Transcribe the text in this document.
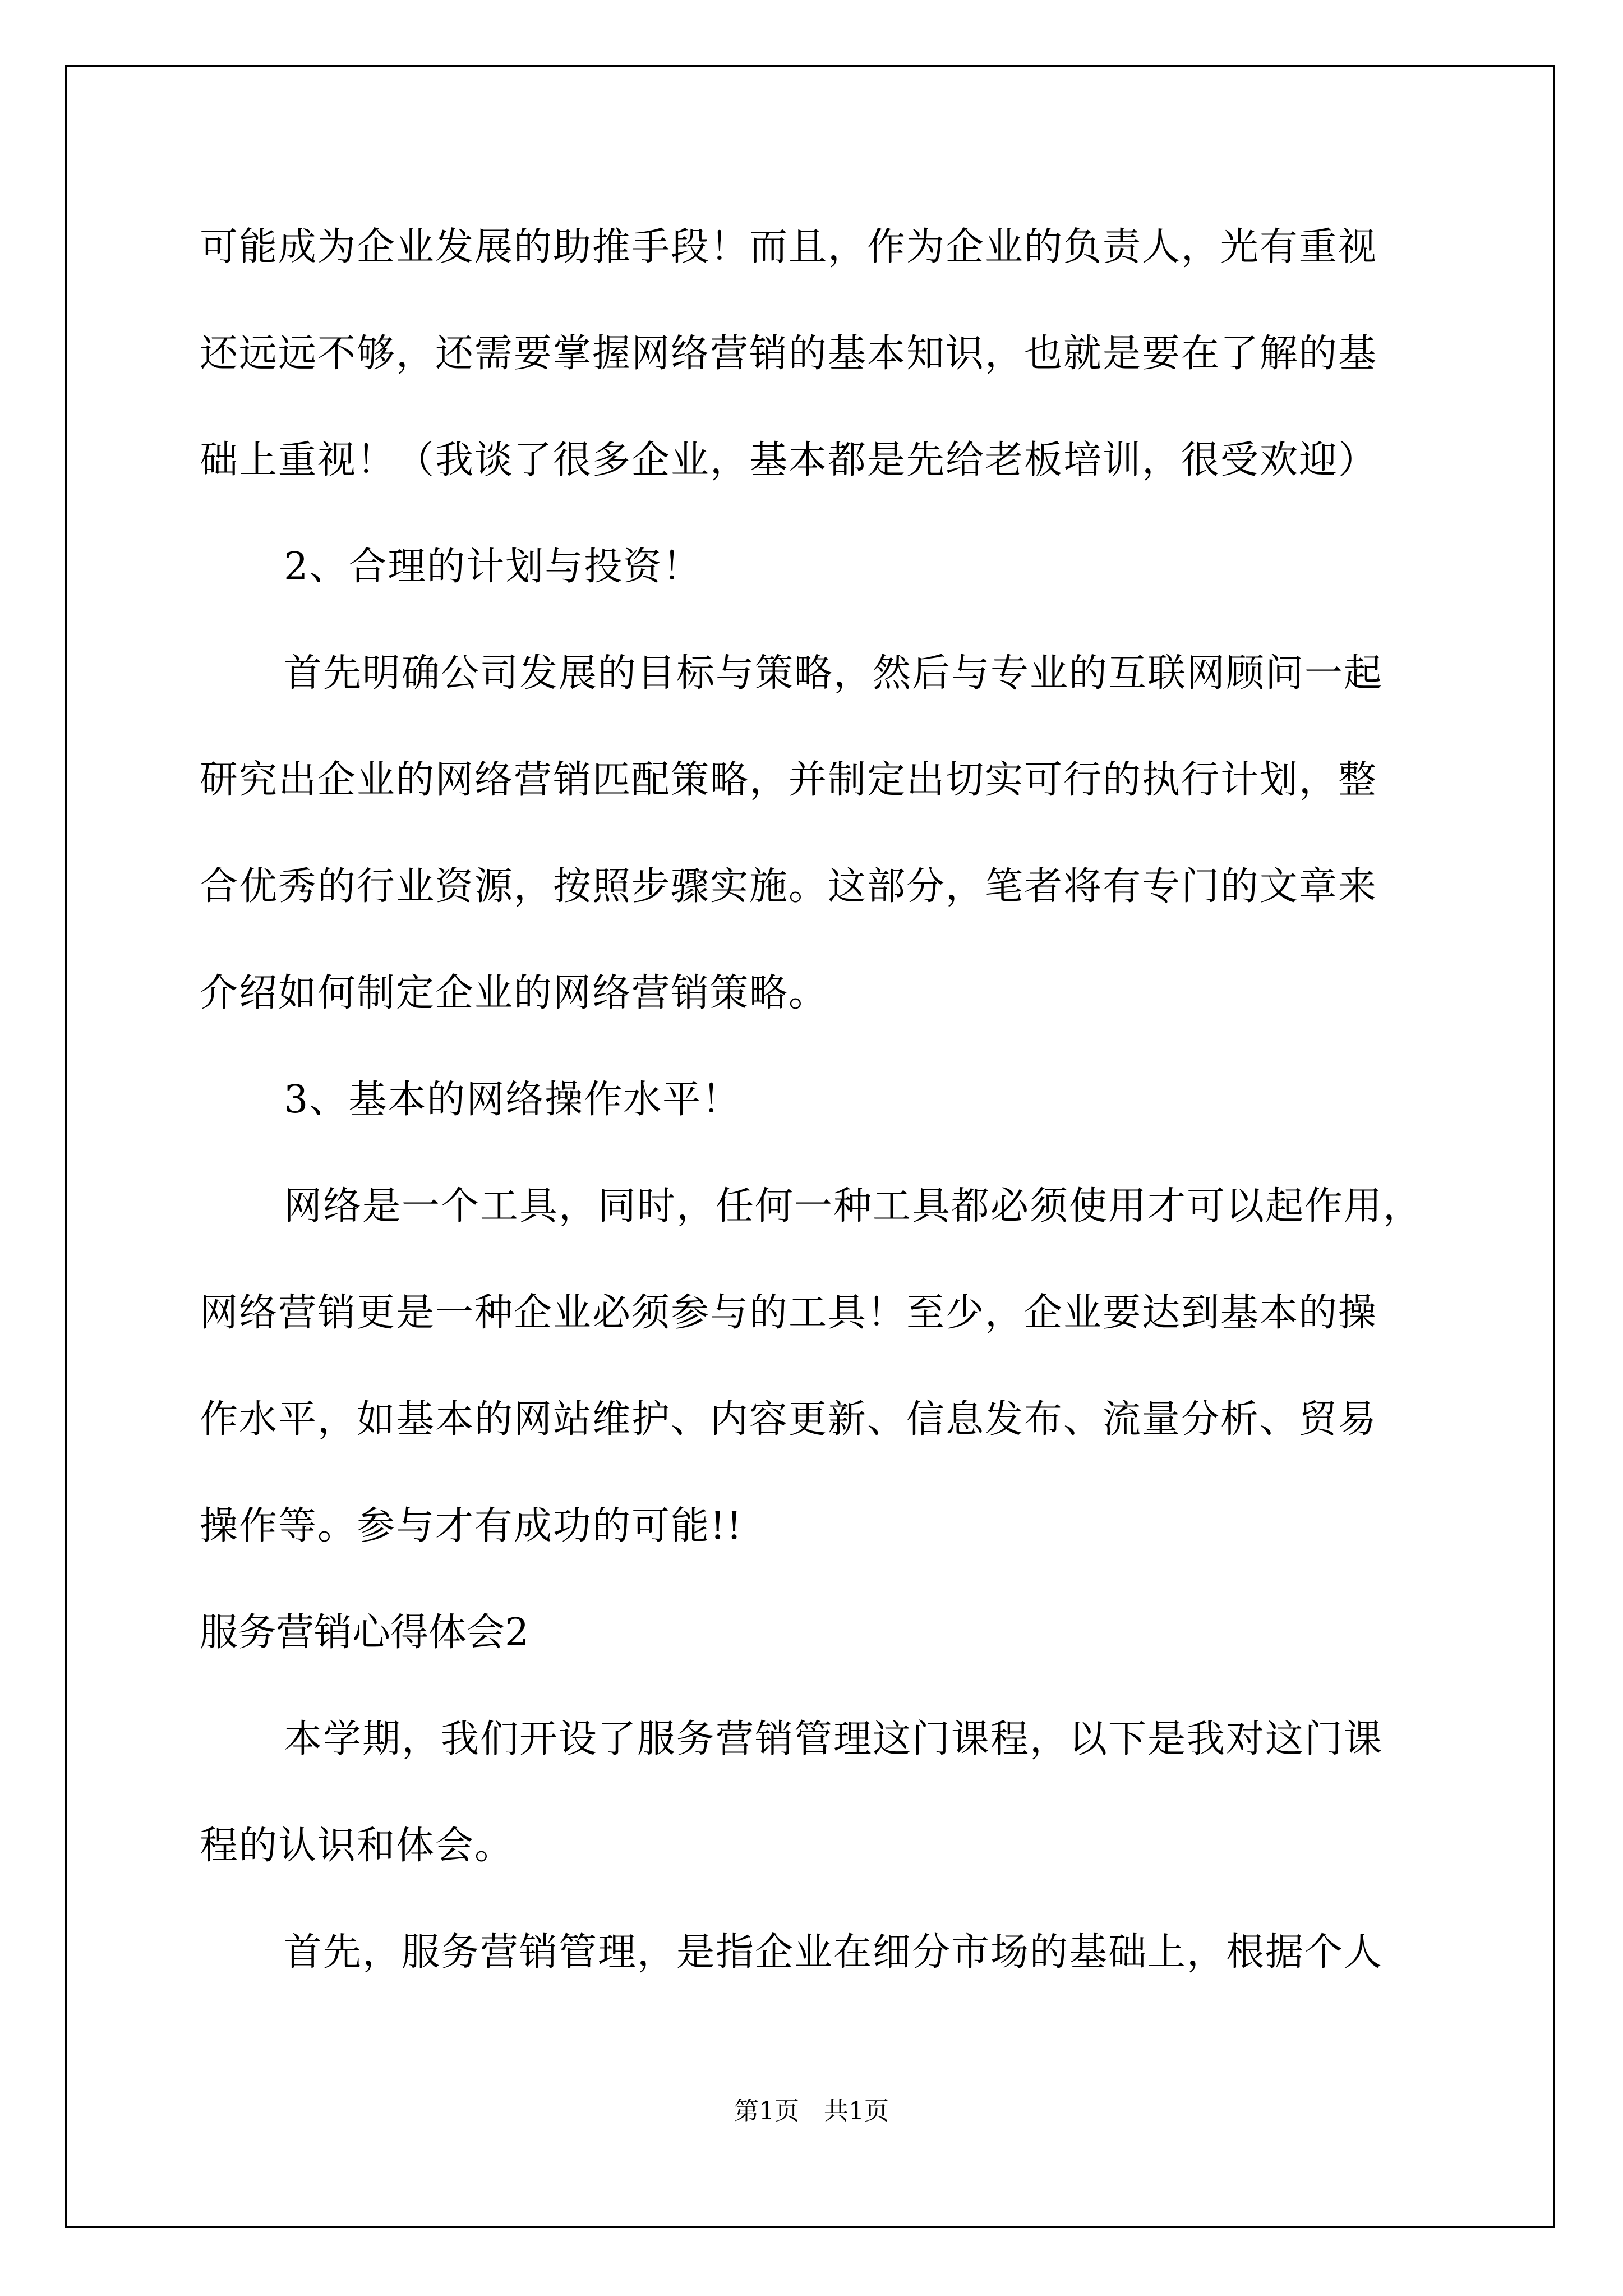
可能成为企业发展的助推手段！而且，作为企业的负责人，光有重视
还远远不够，还需要掌握网络营销的基本知识，也就是要在了解的基
础上重视！（我谈了很多企业，基本都是先给老板培训，很受欢迎）
2、合理的计划与投资！
首先明确公司发展的目标与策略，然后与专业的互联网顾问一起
研究出企业的网络营销匹配策略，并制定出切实可行的执行计划，整
合优秀的行业资源，按照步骤实施。这部分，笔者将有专门的文章来
介绍如何制定企业的网络营销策略。
3、基本的网络操作水平！
网络是一个工具，同时，任何一种工具都必须使用才可以起作用，
网络营销更是一种企业必须参与的工具！至少，企业要达到基本的操
作水平，如基本的网站维护、内容更新、信息发布、流量分析、贸易
操作等。参与才有成功的可能!!
服务营销心得体会2
本学期，我们开设了服务营销管理这门课程，以下是我对这门课
程的认识和体会。
首先，服务营销管理，是指企业在细分市场的基础上，根据个人
第1页　共1页
